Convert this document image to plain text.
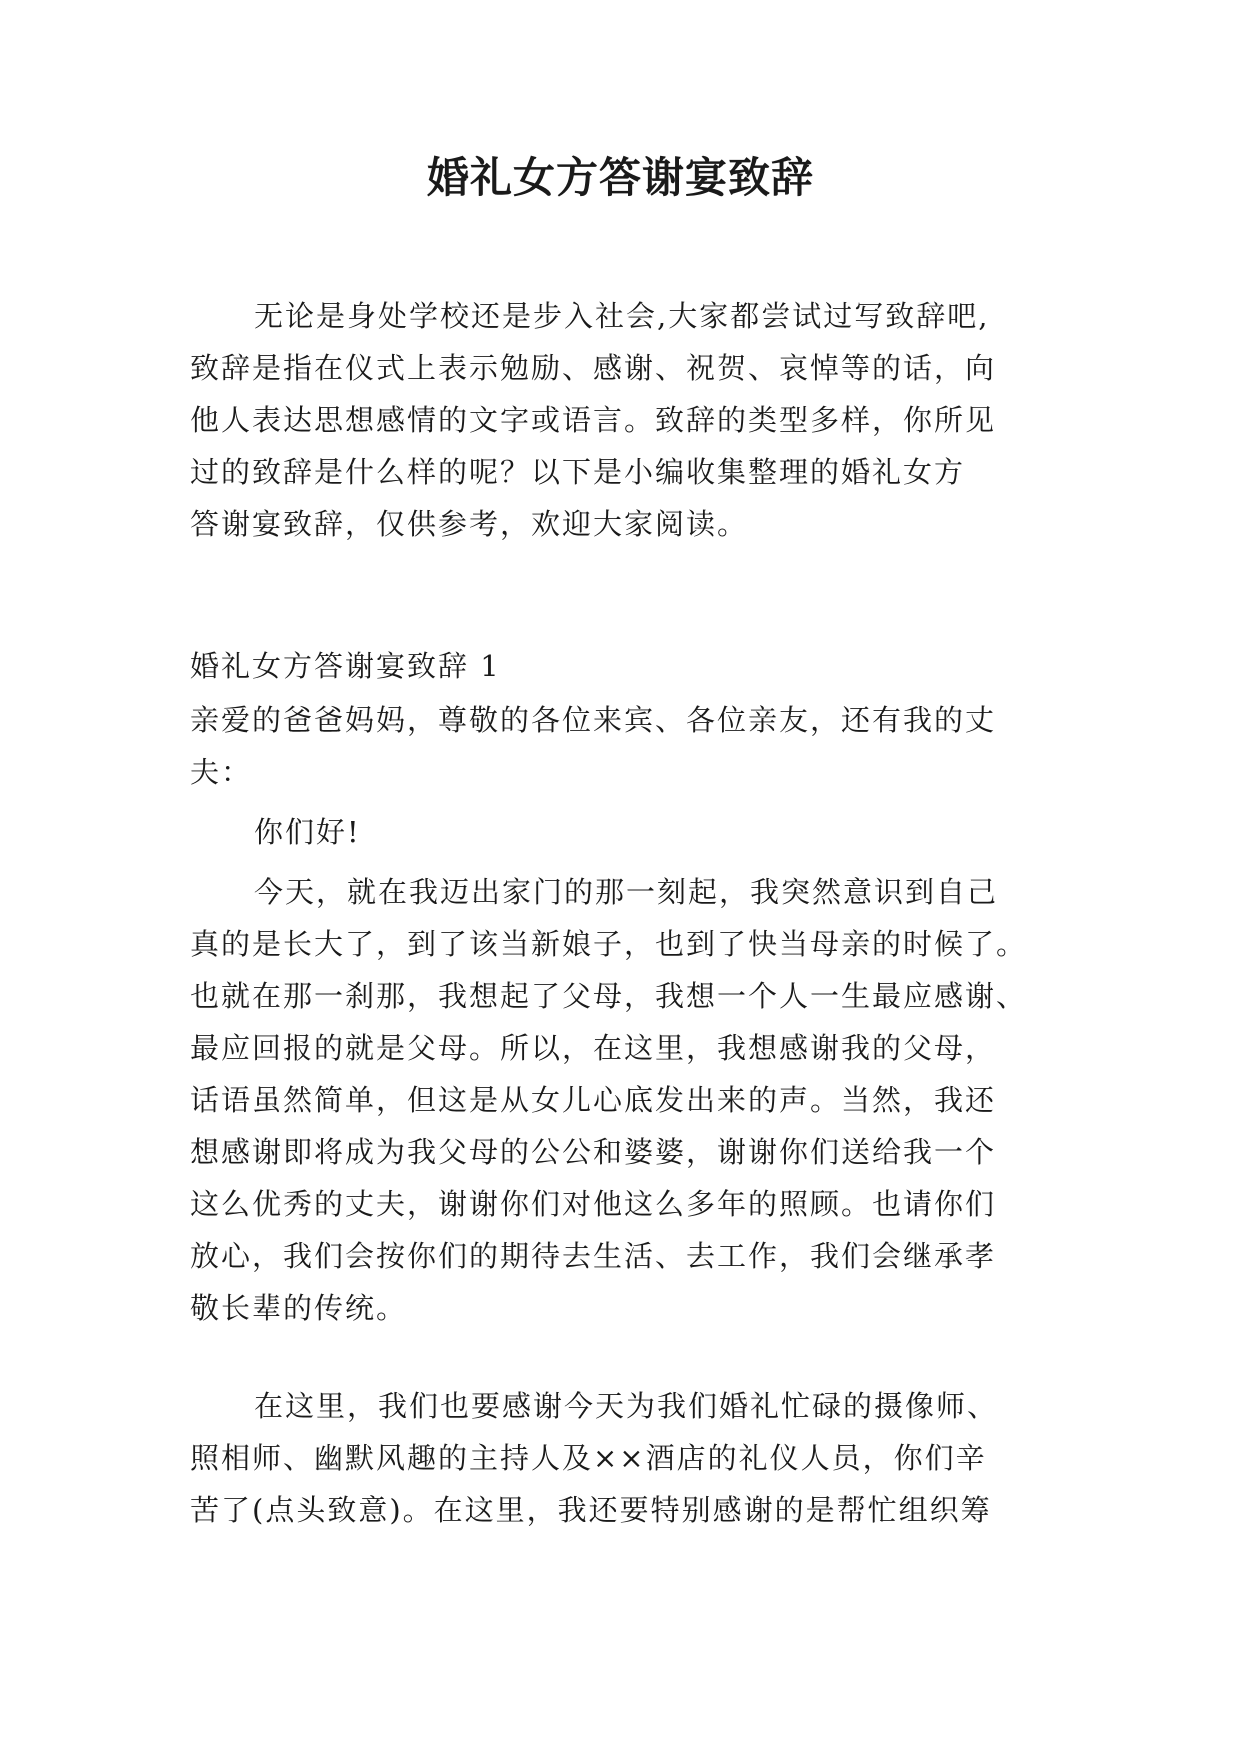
婚礼女方答谢宴致辞
无论是身处学校还是步入社会,大家都尝试过写致辞吧,
致辞是指在仪式上表示勉励、感谢、祝贺、哀悼等的话，向
他人表达思想感情的文字或语言。致辞的类型多样，你所见
过的致辞是什么样的呢？以下是小编收集整理的婚礼女方
答谢宴致辞，仅供参考，欢迎大家阅读。
婚礼女方答谢宴致辞 1
亲爱的爸爸妈妈，尊敬的各位来宾、各位亲友，还有我的丈
夫：
你们好!
今天，就在我迈出家门的那一刻起，我突然意识到自己
真的是长大了，到了该当新娘子，也到了快当母亲的时候了。
也就在那一刹那，我想起了父母，我想一个人一生最应感谢、
最应回报的就是父母。所以，在这里，我想感谢我的父母，
话语虽然简单，但这是从女儿心底发出来的声。当然，我还
想感谢即将成为我父母的公公和婆婆，谢谢你们送给我一个
这么优秀的丈夫，谢谢你们对他这么多年的照顾。也请你们
放心，我们会按你们的期待去生活、去工作，我们会继承孝
敬长辈的传统。
在这里，我们也要感谢今天为我们婚礼忙碌的摄像师、
照相师、幽默风趣的主持人及××酒店的礼仪人员，你们辛
苦了(点头致意)。在这里，我还要特别感谢的是帮忙组织筹
